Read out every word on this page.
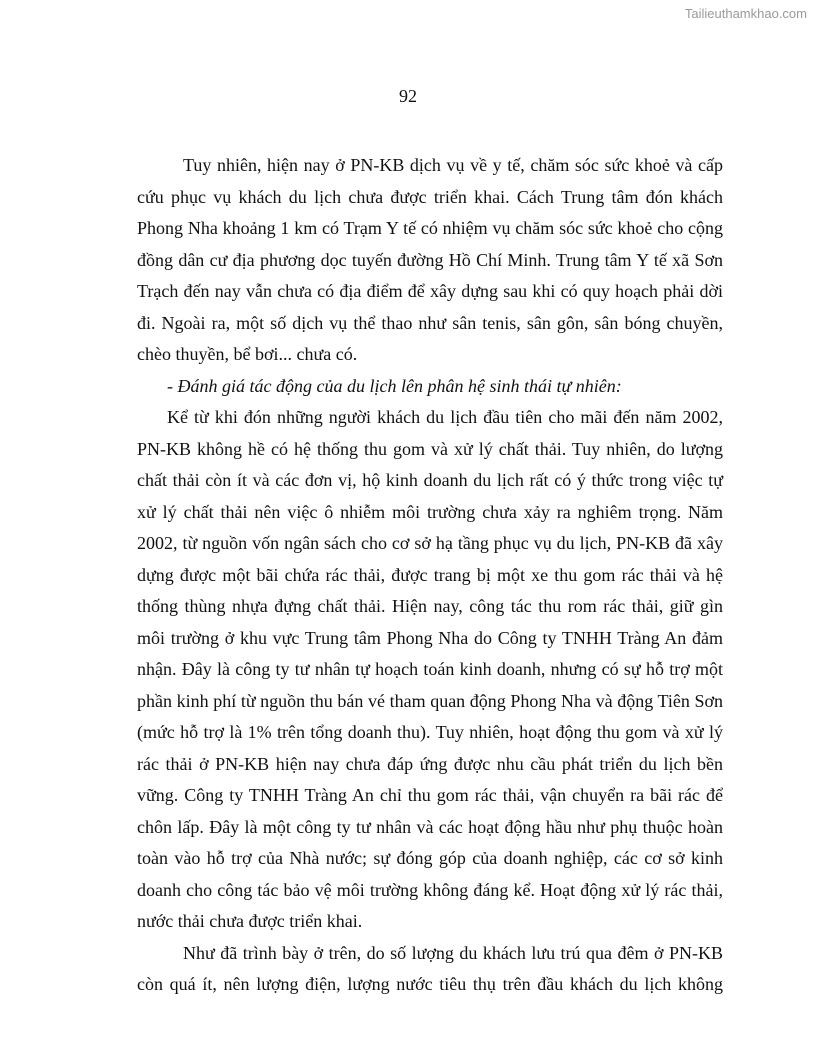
Tailieuthamkhao.com
92

Tuy nhiên, hiện nay ở PN-KB dịch vụ về y tế, chăm sóc sức khoẻ và cấp cứu phục vụ khách du lịch chưa được triển khai. Cách Trung tâm đón khách Phong Nha khoảng 1 km có Trạm Y tế có nhiệm vụ chăm sóc sức khoẻ cho cộng đồng dân cư địa phương dọc tuyến đường Hồ Chí Minh. Trung tâm Y tế xã Sơn Trạch đến nay vẫn chưa có địa điểm để xây dựng sau khi có quy hoạch phải dời đi. Ngoài ra, một số dịch vụ thể thao như sân tenis, sân gôn, sân bóng chuyền, chèo thuyền, bể bơi... chưa có.

- Đánh giá tác động của du lịch lên phân hệ sinh thái tự nhiên:

Kể từ khi đón những người khách du lịch đầu tiên cho mãi đến năm 2002, PN-KB không hề có hệ thống thu gom và xử lý chất thải. Tuy nhiên, do lượng chất thải còn ít và các đơn vị, hộ kinh doanh du lịch rất có ý thức trong việc tự xử lý chất thải nên việc ô nhiễm môi trường chưa xảy ra nghiêm trọng. Năm 2002, từ nguồn vốn ngân sách cho cơ sở hạ tầng phục vụ du lịch, PN-KB đã xây dựng được một bãi chứa rác thải, được trang bị một xe thu gom rác thải và hệ thống thùng nhựa đựng chất thải. Hiện nay, công tác thu rom rác thải, giữ gìn môi trường ở khu vực Trung tâm Phong Nha do Công ty TNHH Tràng An đảm nhận. Đây là công ty tư nhân tự hoạch toán kinh doanh, nhưng có sự hỗ trợ một phần kinh phí từ nguồn thu bán vé tham quan động Phong Nha và động Tiên Sơn (mức hỗ trợ là 1% trên tổng doanh thu). Tuy nhiên, hoạt động thu gom và xử lý rác thải ở PN-KB hiện nay chưa đáp ứng được nhu cầu phát triển du lịch bền vững. Công ty TNHH Tràng An chỉ thu gom rác thải, vận chuyển ra bãi rác để chôn lấp. Đây là một công ty tư nhân và các hoạt động hầu như phụ thuộc hoàn toàn vào hỗ trợ của Nhà nước; sự đóng góp của doanh nghiệp, các cơ sở kinh doanh cho công tác bảo vệ môi trường không đáng kể. Hoạt động xử lý rác thải, nước thải chưa được triển khai.

Như đã trình bày ở trên, do số lượng du khách lưu trú qua đêm ở PN-KB còn quá ít, nên lượng điện, lượng nước tiêu thụ trên đầu khách du lịch không
